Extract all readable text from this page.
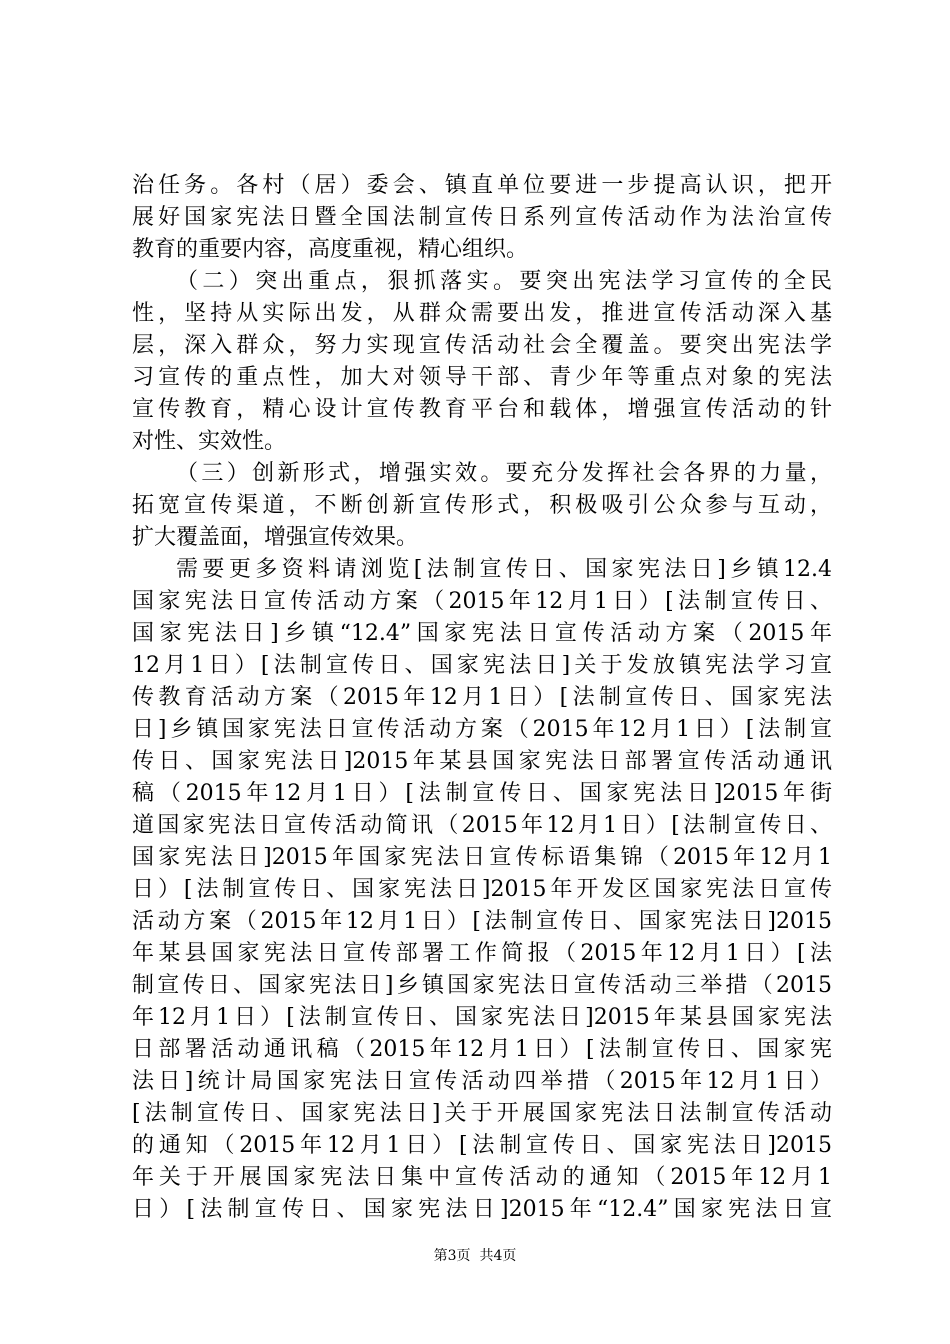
治任务。各村（居）委会、镇直单位要进一步提高认识，把开
展好国家宪法日暨全国法制宣传日系列宣传活动作为法治宣传
教育的重要内容，高度重视，精心组织。
（二）突出重点，狠抓落实。要突出宪法学习宣传的全民
性，坚持从实际出发，从群众需要出发，推进宣传活动深入基
层，深入群众，努力实现宣传活动社会全覆盖。要突出宪法学
习宣传的重点性，加大对领导干部、青少年等重点对象的宪法
宣传教育，精心设计宣传教育平台和载体，增强宣传活动的针
对性、实效性。
（三）创新形式，增强实效。要充分发挥社会各界的力量，
拓宽宣传渠道，不断创新宣传形式，积极吸引公众参与互动，
扩大覆盖面，增强宣传效果。
需要更多资料请浏览[法制宣传日、国家宪法日]乡镇12.4
国家宪法日宣传活动方案（2015年12月1日）[法制宣传日、
国家宪法日]乡镇“12.4”国家宪法日宣传活动方案（2015年
12月1日）[法制宣传日、国家宪法日]关于发放镇宪法学习宣
传教育活动方案（2015年12月1日）[法制宣传日、国家宪法
日]乡镇国家宪法日宣传活动方案（2015年12月1日）[法制宣
传日、国家宪法日]2015年某县国家宪法日部署宣传活动通讯
稿（2015年12月1日）[法制宣传日、国家宪法日]2015年街
道国家宪法日宣传活动简讯（2015年12月1日）[法制宣传日、
国家宪法日]2015年国家宪法日宣传标语集锦（2015年12月1
日）[法制宣传日、国家宪法日]2015年开发区国家宪法日宣传
活动方案（2015年12月1日）[法制宣传日、国家宪法日]2015
年某县国家宪法日宣传部署工作简报（2015年12月1日）[法
制宣传日、国家宪法日]乡镇国家宪法日宣传活动三举措（2015
年12月1日）[法制宣传日、国家宪法日]2015年某县国家宪法
日部署活动通讯稿（2015年12月1日）[法制宣传日、国家宪
法日]统计局国家宪法日宣传活动四举措（2015年12月1日）
[法制宣传日、国家宪法日]关于开展国家宪法日法制宣传活动
的通知（2015年12月1日）[法制宣传日、国家宪法日]2015
年关于开展国家宪法日集中宣传活动的通知（2015年12月1
日）[法制宣传日、国家宪法日]2015年“12.4”国家宪法日宣
第3页  共4页
